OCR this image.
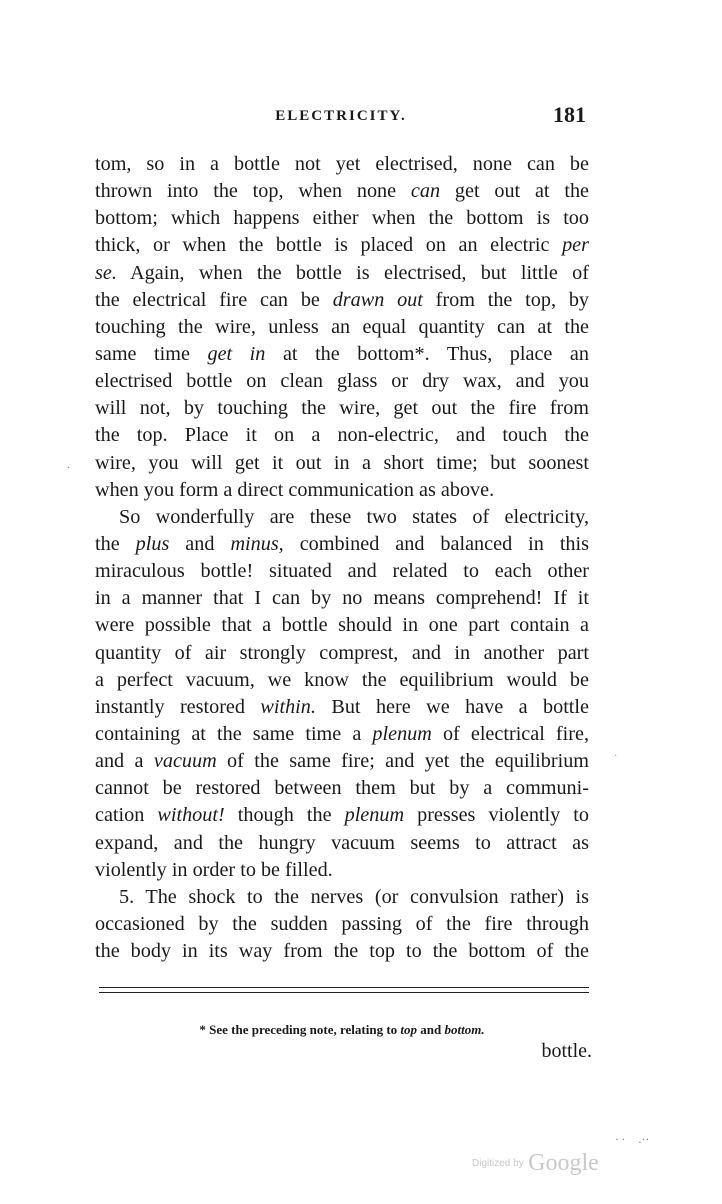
ELECTRICITY.	181
tom, so in a bottle not yet electrised, none can be
thrown into the top, when none can get out at the
bottom; which happens either when the bottom is too
thick, or when the bottle is placed on an electric per
se. Again, when the bottle is electrised, but little of
the electrical fire can be drawn out from the top, by
touching the wire, unless an equal quantity can at the
same time get in at the bottom*. Thus, place an
electrised bottle on clean glass or dry wax, and you
will not, by touching the wire, get out the fire from
the top. Place it on a non-electric, and touch the
wire, you will get it out in a short time; but soonest
when you form a direct communication as above.
So wonderfully are these two states of electricity,
the plus and minus, combined and balanced in this
miraculous bottle! situated and related to each other
in a manner that I can by no means comprehend! If it
were possible that a bottle should in one part contain a
quantity of air strongly comprest, and in another part
a perfect vacuum, we know the equilibrium would be
instantly restored within. But here we have a bottle
containing at the same time a plenum of electrical fire,
and a vacuum of the same fire; and yet the equilibrium
cannot be restored between them but by a communi-
cation without! though the plenum presses violently to
expand, and the hungry vacuum seems to attract as
violently in order to be filled.
5. The shock to the nerves (or convulsion rather) is
occasioned by the sudden passing of the fire through
the body in its way from the top to the bottom of the
* See the preceding note, relating to top and bottom.
bottle.
·
·
· ·  .··
Digitized by Google
